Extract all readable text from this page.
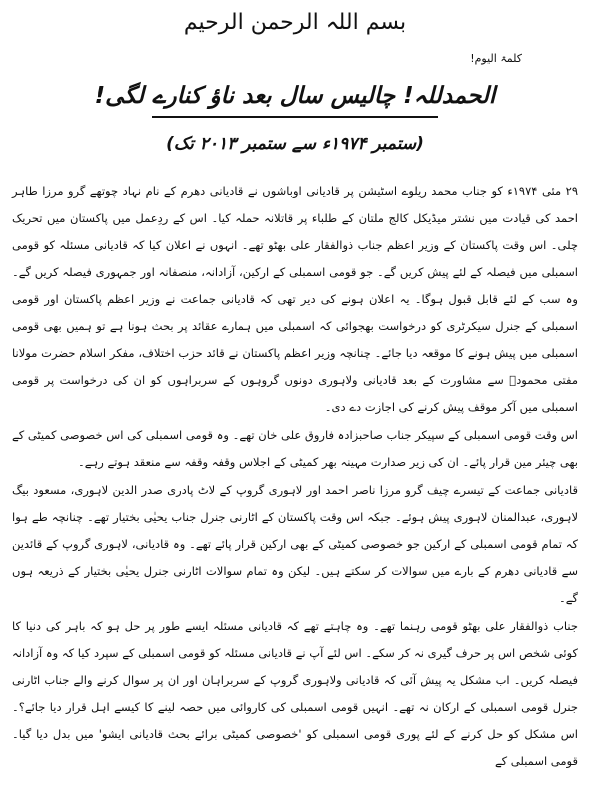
بسم اللہ الرحمن الرحیم
کلمۃ الیوم!
الحمدللہ! چالیس سال بعد ناؤ کنارے لگی!
(ستمبر ۱۹۷۴ء سے ستمبر ۲۰۱۳ تک)

۲۹ مئی ۱۹۷۴ء کو جناب محمد ریلوے اسٹیشن پر قادیانی اوباشوں نے قادیانی دھرم کے نام نہاد چوتھے گرو مرزا طاہر احمد کی قیادت میں نشتر میڈیکل کالج ملتان کے طلباء پر قاتلانہ حملہ کیا۔ اس کے ردِعمل میں پاکستان میں تحریک چلی۔ اس وقت پاکستان کے وزیر اعظم جناب ذوالفقار علی بھٹو تھے۔ انہوں نے اعلان کیا کہ قادیانی مسئلہ کو قومی اسمبلی میں فیصلہ کے لئے پیش کریں گے۔ جو قومی اسمبلی کے ارکین، آزادانہ، منصفانہ اور جمہوری فیصلہ کریں گے۔ وہ سب کے لئے قابل قبول ہوگا۔ یہ اعلان ہونے کی دیر تھی کہ قادیانی جماعت نے وزیر اعظم پاکستان اور قومی اسمبلی کے جنرل سیکرٹری کو درخواست بھجوائی کہ اسمبلی میں ہمارے عقائد پر بحث ہونا ہے تو ہمیں بھی قومی اسمبلی میں پیش ہونے کا موقعہ دیا جائے۔ چنانچہ وزیر اعظم پاکستان نے قائد حزب اختلاف، مفکر اسلام حضرت مولانا مفتی محمودؒ سے مشاورت کے بعد قادیانی ولاہوری دونوں گروہوں کے سربراہوں کو ان کی درخواست پر قومی اسمبلی میں آکر موقف پیش کرنے کی اجازت دے دی۔

اس وقت قومی اسمبلی کے سپیکر جناب صاحبزادہ فاروق علی خان تھے۔ وہ قومی اسمبلی کی اس خصوصی کمیٹی کے بھی چیئر مین قرار پائے۔ ان کی زیر صدارت مہینہ بھر کمیٹی کے اجلاس وقفہ وقفہ سے منعقد ہوتے رہے۔

قادیانی جماعت کے تیسرے چیف گرو مرزا ناصر احمد اور لاہوری گروپ کے لاٹ پادری صدر الدین لاہوری، مسعود بیگ لاہوری، عبدالمنان لاہوری پیش ہوئے۔ جبکہ اس وقت پاکستان کے اٹارنی جنرل جناب یحیٰی بختیار تھے۔ چنانچہ طے ہوا کہ تمام قومی اسمبلی کے ارکین جو خصوصی کمیٹی کے بھی ارکین قرار پائے تھے۔ وہ قادیانی، لاہوری گروپ کے قائدین سے قادیانی دھرم کے بارے میں سوالات کر سکتے ہیں۔ لیکن وہ تمام سوالات اٹارنی جنرل یحیٰی بختیار کے ذریعہ ہوں گے۔

جناب ذوالفقار علی بھٹو قومی رہنما تھے۔ وہ چاہتے تھے کہ قادیانی مسئلہ ایسے طور پر حل ہو کہ باہر کی دنیا کا کوئی شخص اس پر حرف گیری نہ کر سکے۔ اس لئے آپ نے قادیانی مسئلہ کو قومی اسمبلی کے سپرد کیا کہ وہ آزادانہ فیصلہ کریں۔ اب مشکل یہ پیش آئی کہ قادیانی ولاہوری گروپ کے سربراہان اور ان پر سوال کرنے والے جناب اٹارنی جنرل قومی اسمبلی کے ارکان نہ تھے۔ انہیں قومی اسمبلی کی کاروائی میں حصہ لینے کا کیسے اہل قرار دیا جائے؟۔ اس مشکل کو حل کرنے کے لئے پوری قومی اسمبلی کو 'خصوصی کمیٹی برائے بحث قادیانی ایشو' میں بدل دیا گیا۔ قومی اسمبلی کے
